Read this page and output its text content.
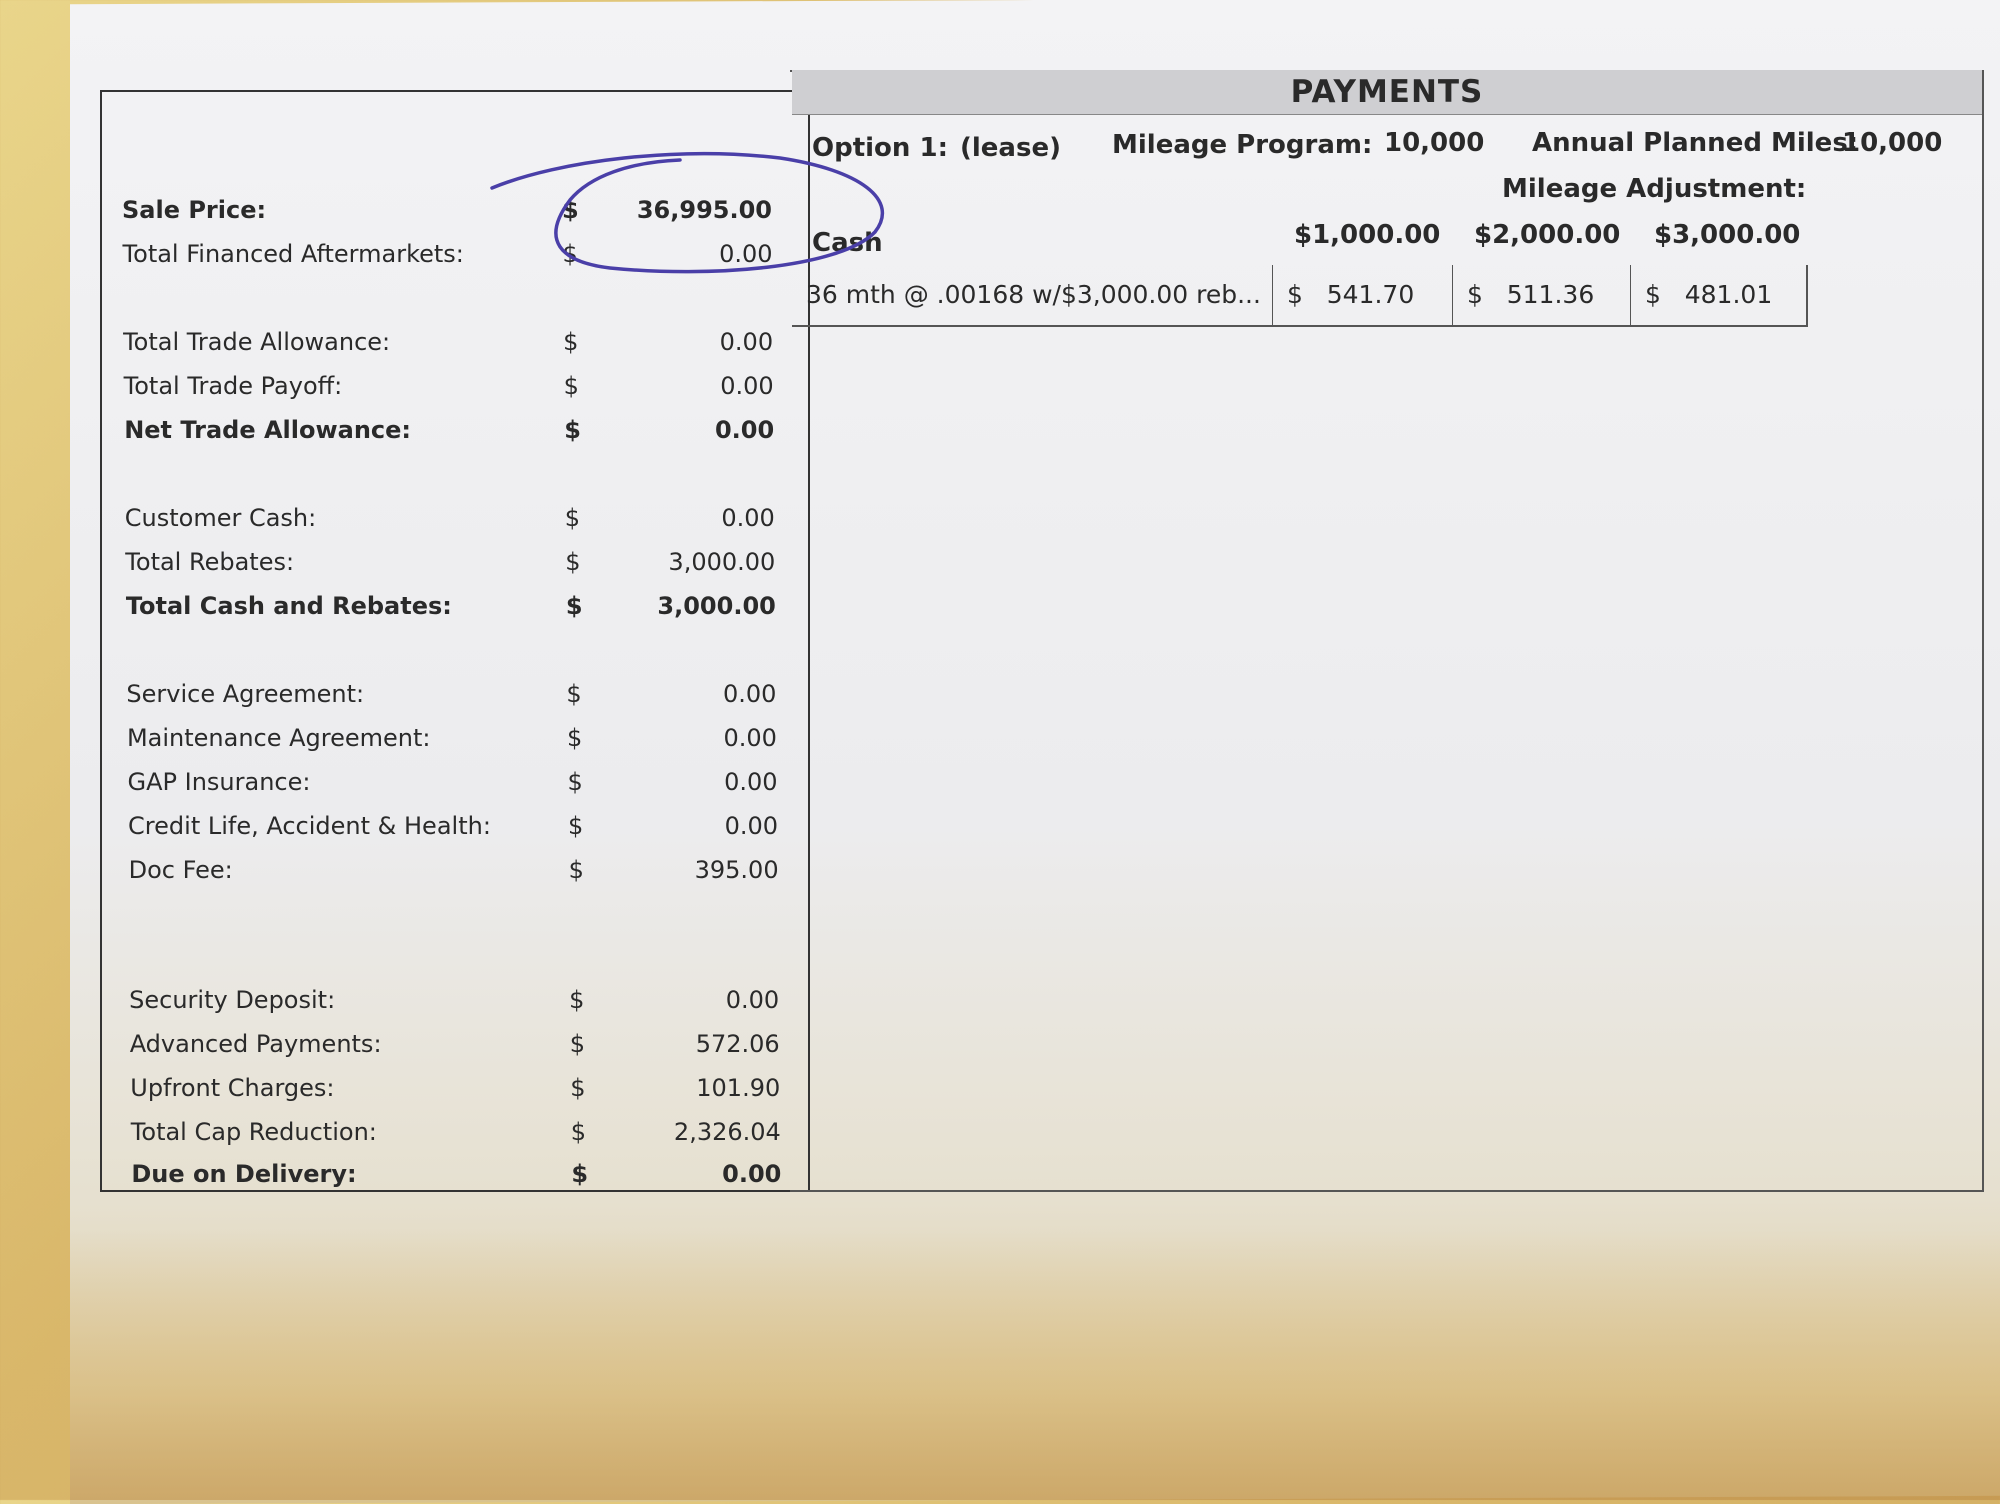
Sale Price:	$	36,995.00
Total Financed Aftermarkets:	$	0.00
Total Trade Allowance:	$	0.00
Total Trade Payoff:	$	0.00
Net Trade Allowance:	$	0.00
Customer Cash:	$	0.00
Total Rebates:	$	3,000.00
Total Cash and Rebates:	$	3,000.00
Service Agreement:	$	0.00
Maintenance Agreement:	$	0.00
GAP Insurance:	$	0.00
Credit Life, Accident & Health:	$	0.00
Doc Fee:	$	395.00
Security Deposit:	$	0.00
Advanced Payments:	$	572.06
Upfront Charges:	$	101.90
Total Cap Reduction:	$	2,326.04
Due on Delivery:	$	0.00
PAYMENTS
Option 1: (lease) Mileage Program: 10,000 Annual Planned Miles:
10,000
Mileage Adjustment:
Cash	$1,000.00 $2,000.00 $3,000.00
36 mth @ .00168 w/$3,000.00 reb...	$ 541.70	$ 511.36	$ 481.01
